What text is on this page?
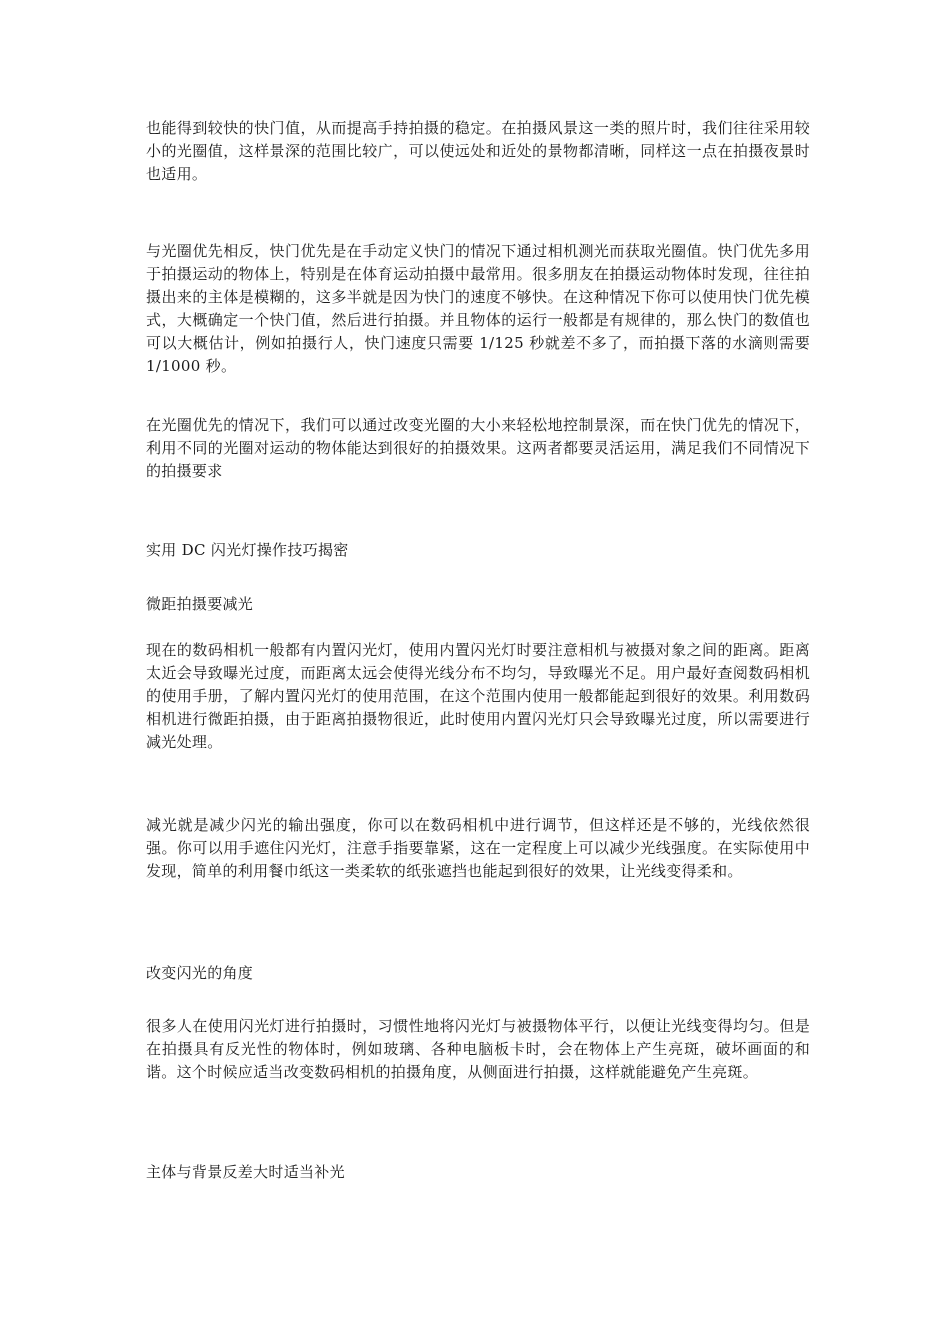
也能得到较快的快门值，从而提高手持拍摄的稳定。在拍摄风景这一类的照片时，我们往往采用较小的光圈值，这样景深的范围比较广，可以使远处和近处的景物都清晰，同样这一点在拍摄夜景时也适用。

与光圈优先相反，快门优先是在手动定义快门的情况下通过相机测光而获取光圈值。快门优先多用于拍摄运动的物体上，特别是在体育运动拍摄中最常用。很多朋友在拍摄运动物体时发现，往往拍摄出来的主体是模糊的，这多半就是因为快门的速度不够快。在这种情况下你可以使用快门优先模式，大概确定一个快门值，然后进行拍摄。并且物体的运行一般都是有规律的，那么快门的数值也可以大概估计，例如拍摄行人，快门速度只需要 1/125 秒就差不多了，而拍摄下落的水滴则需要 1/1000 秒。

在光圈优先的情况下，我们可以通过改变光圈的大小来轻松地控制景深，而在快门优先的情况下，利用不同的光圈对运动的物体能达到很好的拍摄效果。这两者都要灵活运用，满足我们不同情况下的拍摄要求

实用 DC 闪光灯操作技巧揭密

微距拍摄要减光

现在的数码相机一般都有内置闪光灯，使用内置闪光灯时要注意相机与被摄对象之间的距离。距离太近会导致曝光过度，而距离太远会使得光线分布不均匀，导致曝光不足。用户最好查阅数码相机的使用手册，了解内置闪光灯的使用范围，在这个范围内使用一般都能起到很好的效果。利用数码相机进行微距拍摄，由于距离拍摄物很近，此时使用内置闪光灯只会导致曝光过度，所以需要进行减光处理。

减光就是减少闪光的输出强度，你可以在数码相机中进行调节，但这样还是不够的，光线依然很强。你可以用手遮住闪光灯，注意手指要靠紧，这在一定程度上可以减少光线强度。在实际使用中发现，简单的利用餐巾纸这一类柔软的纸张遮挡也能起到很好的效果，让光线变得柔和。

改变闪光的角度

很多人在使用闪光灯进行拍摄时，习惯性地将闪光灯与被摄物体平行，以便让光线变得均匀。但是在拍摄具有反光性的物体时，例如玻璃、各种电脑板卡时，会在物体上产生亮斑，破坏画面的和谐。这个时候应适当改变数码相机的拍摄角度，从侧面进行拍摄，这样就能避免产生亮斑。

主体与背景反差大时适当补光
